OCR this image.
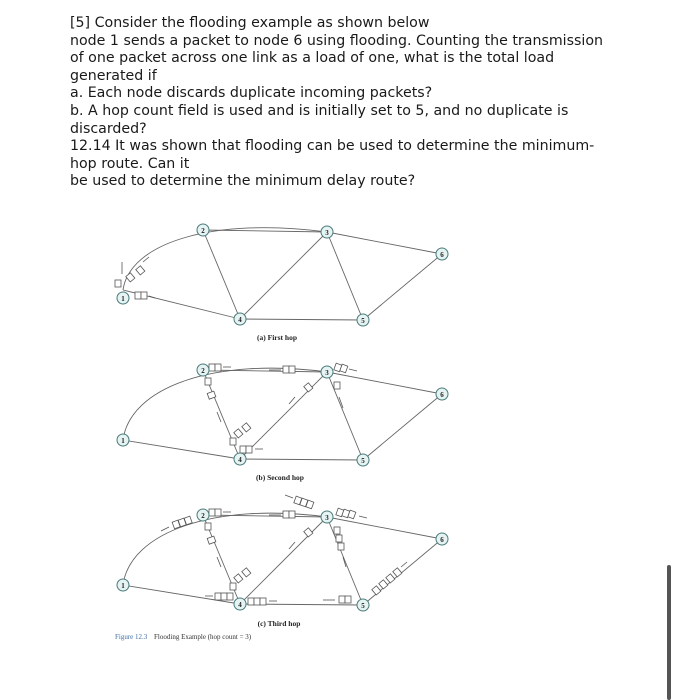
[5] Consider the flooding example as shown below
node 1 sends a packet to node 6 using flooding. Counting the transmission
of one packet across one link as a load of one, what is the total load
generated if
a. Each node discards duplicate incoming packets?
b. A hop count field is used and is initially set to 5, and no duplicate is
discarded?
12.14 It was shown that flooding can be used to determine the minimum-
hop route. Can it
be used to determine the minimum delay route?
1
2	3
4	5
6
(a) First hop
1
2	3
4	5
6
(b) Second hop
1
2	3
4	5
6
(c) Third hop
Figure 12.3 Flooding Example (hop count = 3)
